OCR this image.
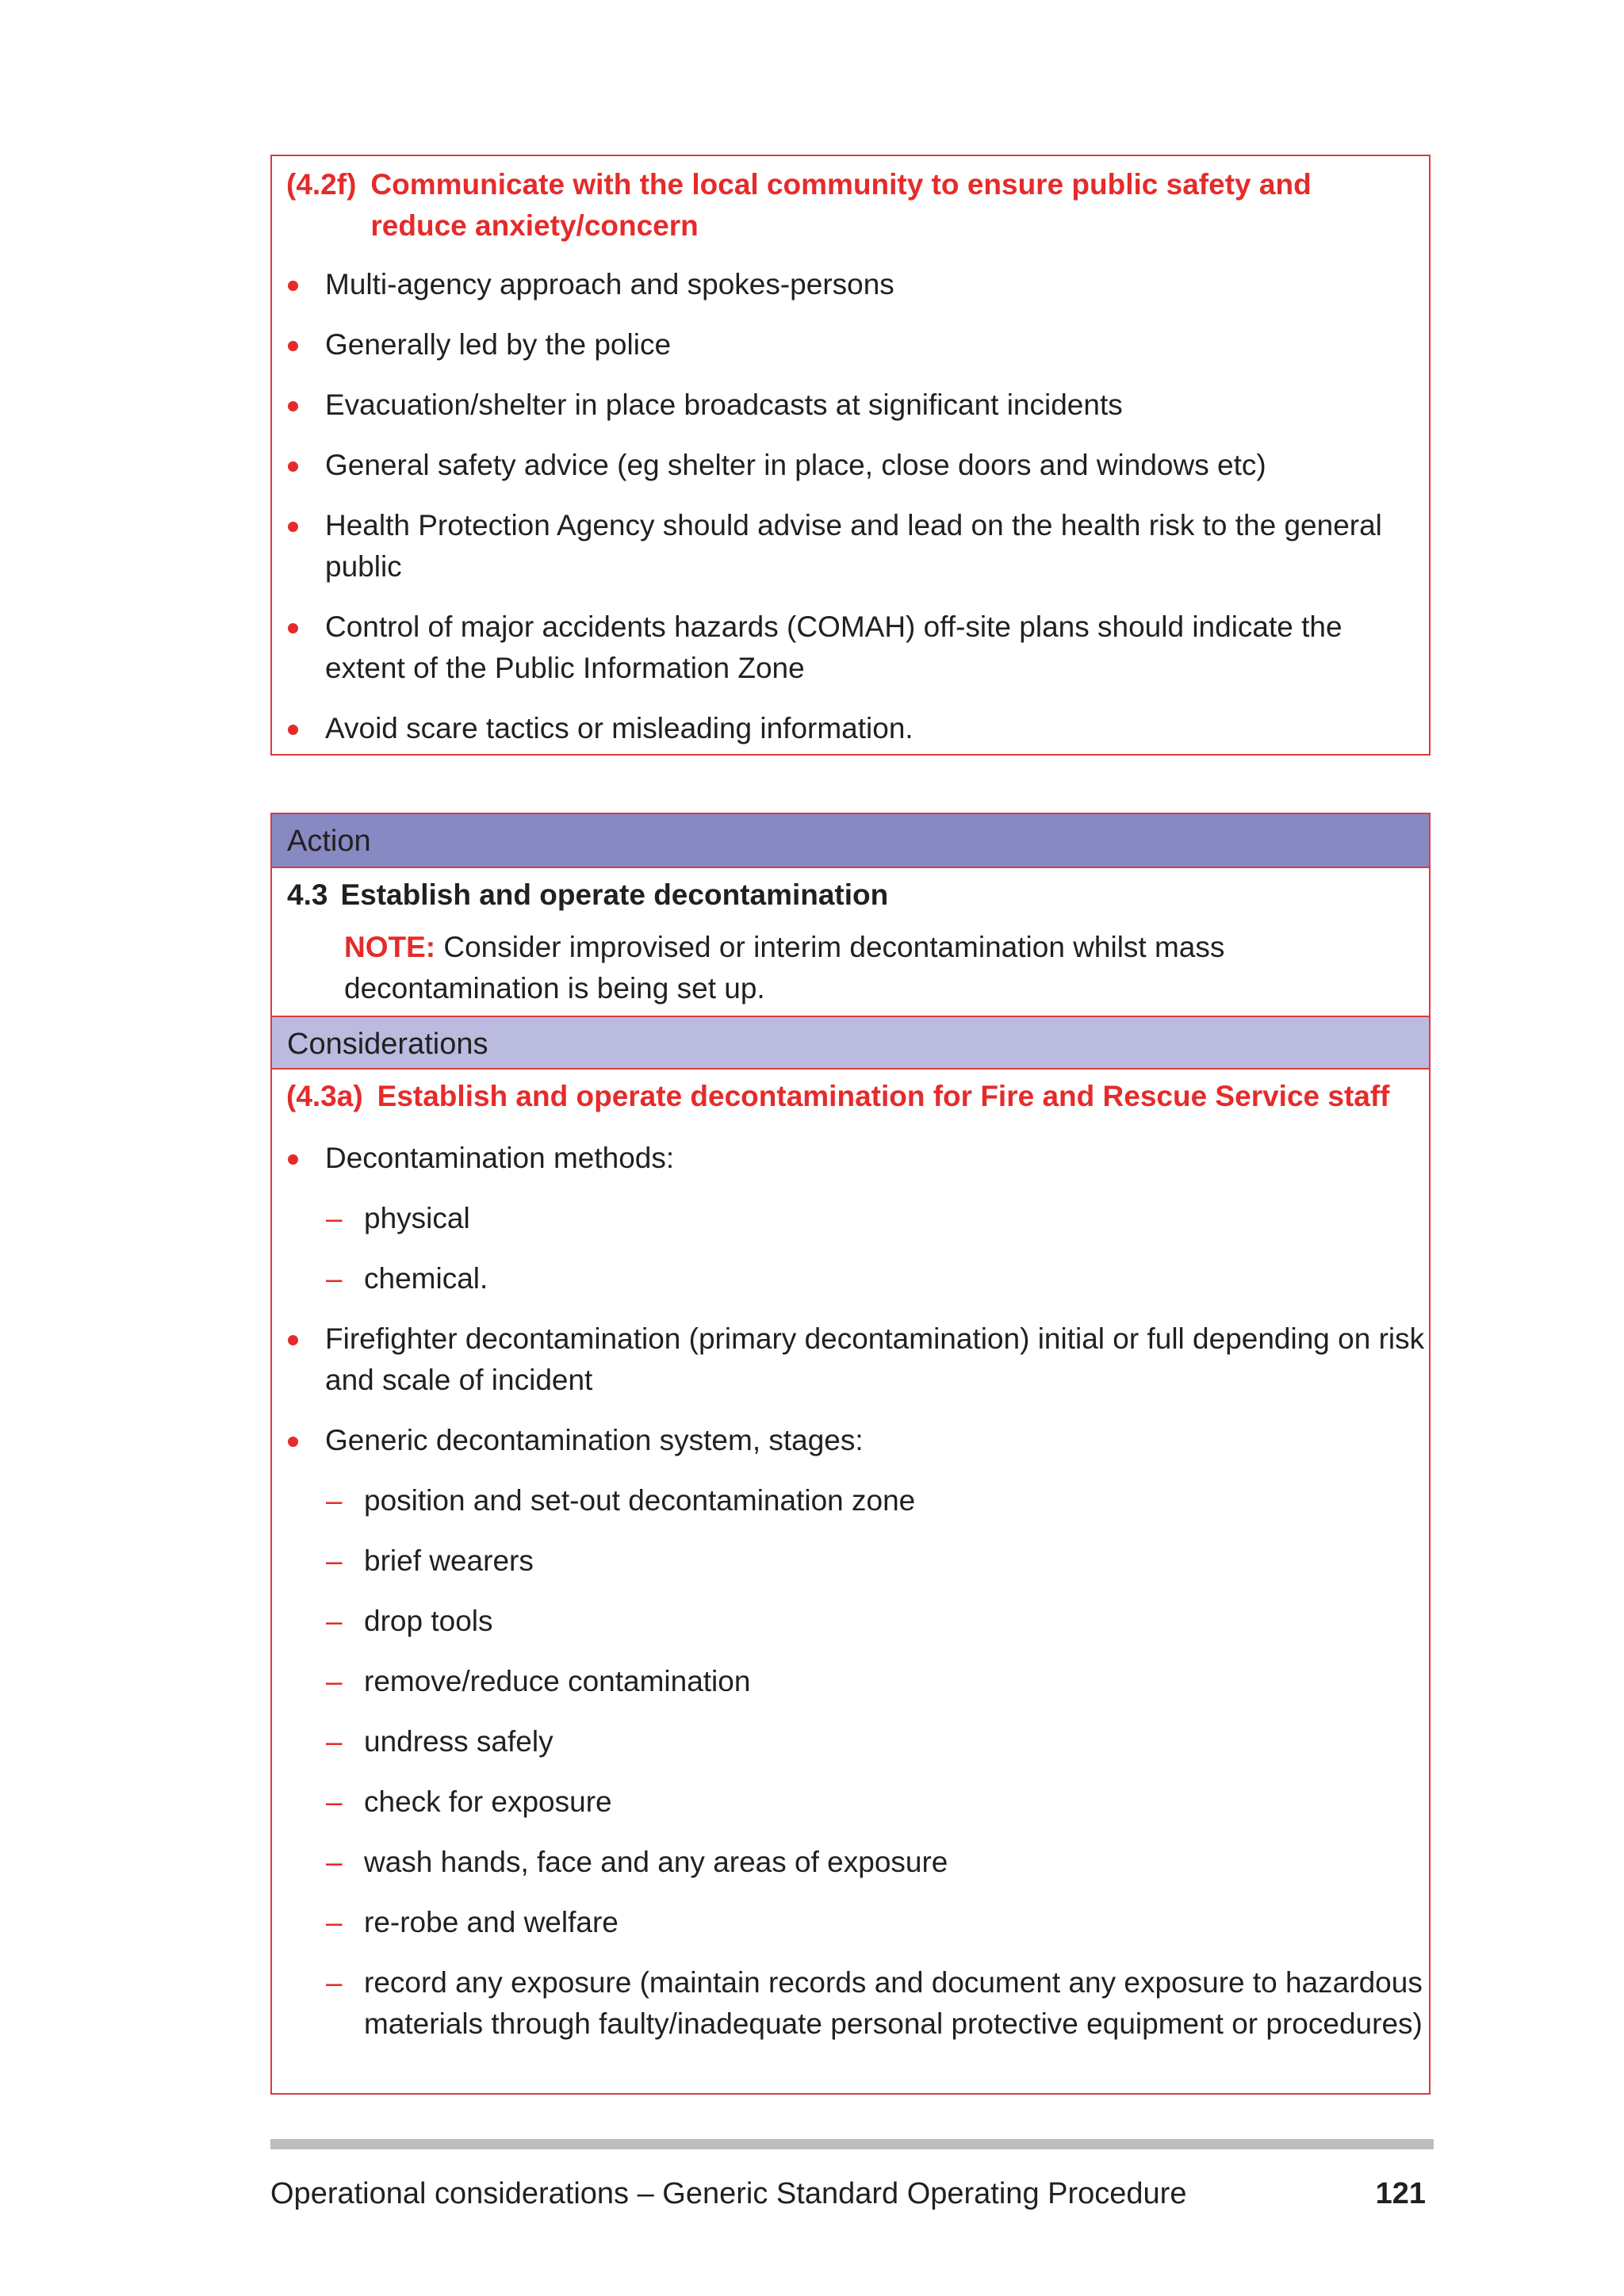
(4.2f) Communicate with the local community to ensure public safety and reduce anxiety/concern
Multi-agency approach and spokes-persons
Generally led by the police
Evacuation/shelter in place broadcasts at significant incidents
General safety advice (eg shelter in place, close doors and windows etc)
Health Protection Agency should advise and lead on the health risk to the general public
Control of major accidents hazards (COMAH) off-site plans should indicate the extent of the Public Information Zone
Avoid scare tactics or misleading information.
Action
4.3 Establish and operate decontamination
NOTE: Consider improvised or interim decontamination whilst mass decontamination is being set up.
Considerations
(4.3a) Establish and operate decontamination for Fire and Rescue Service staff
Decontamination methods:
– physical
– chemical.
Firefighter decontamination (primary decontamination) initial or full depending on risk and scale of incident
Generic decontamination system, stages:
– position and set-out decontamination zone
– brief wearers
– drop tools
– remove/reduce contamination
– undress safely
– check for exposure
– wash hands, face and any areas of exposure
– re-robe and welfare
– record any exposure (maintain records and document any exposure to hazardous materials through faulty/inadequate personal protective equipment or procedures)
Operational considerations – Generic Standard Operating Procedure	121
